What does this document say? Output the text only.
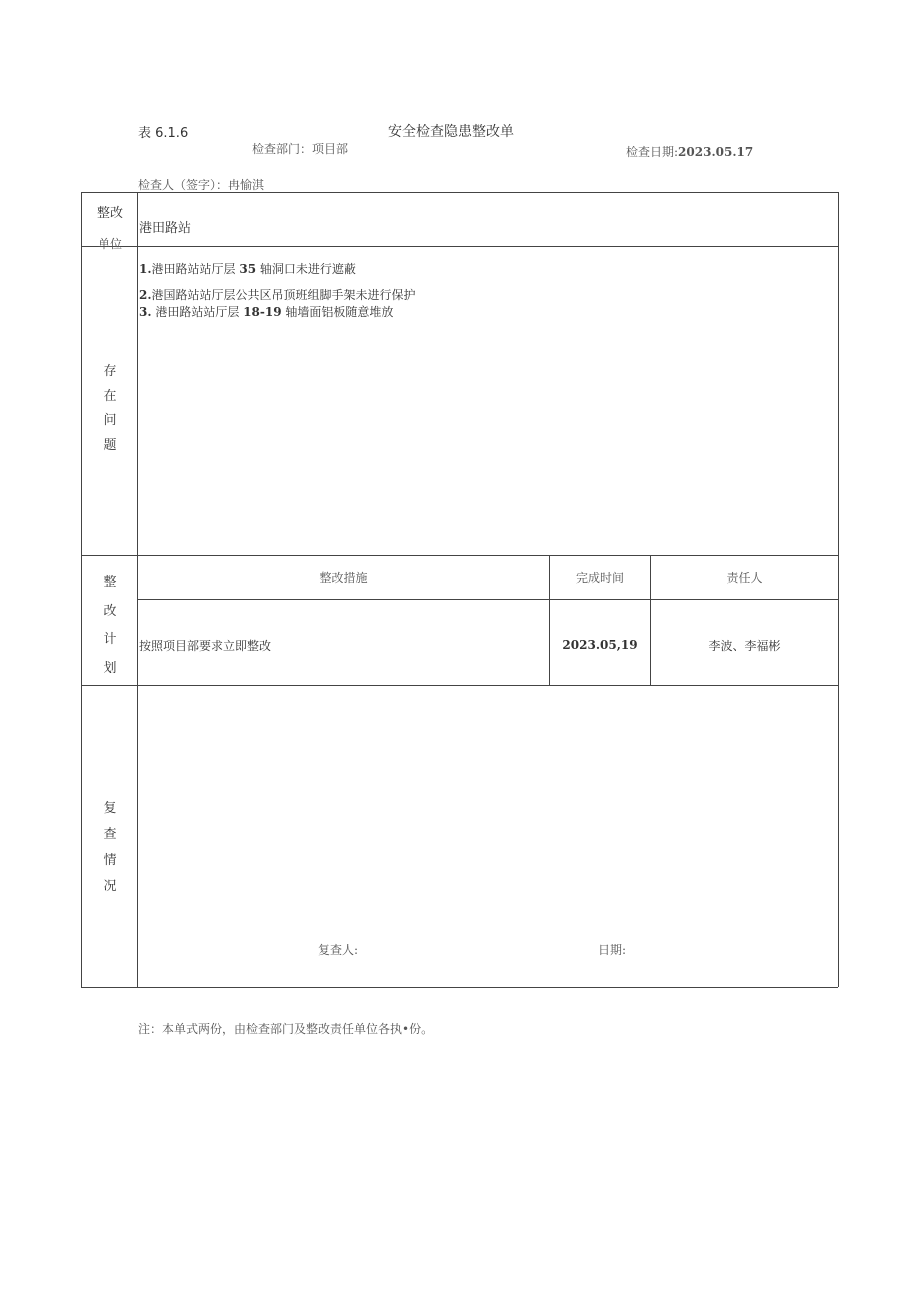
表 6.1.6	安全检查隐患整改单
检查部门：项目部	检查日期:2023.05.17
检查人（签字）：冉愉淇
整改
单位
港田路站
存
在
问
题
1.港田路站站厅层 35 轴洞口未进行遮蔽
2.港国路站站厅层公共区吊顶班组脚手架未进行保护
3. 港田路站站厅层 18-19 轴墙面铝板随意堆放
整
改
计
划
整改措施	完成时间	责任人
按照项目部要求立即整改	2023.05,19	李波、李福彬
复
查
情
况
复查人:	日期:
注：本单式两份，由检查部门及整改责任单位各执•份。
